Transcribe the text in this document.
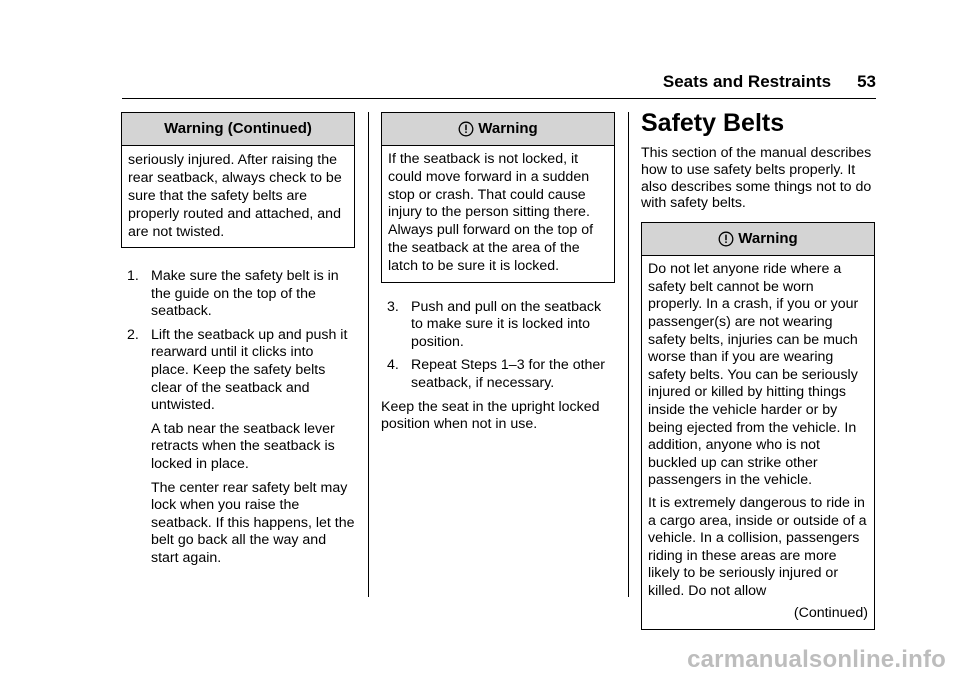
Seats and Restraints 53
Warning (Continued)

seriously injured. After raising the rear seatback, always check to be sure that the safety belts are properly routed and attached, and are not twisted.

1. Make sure the safety belt is in the guide on the top of the seatback.

2. Lift the seatback up and push it rearward until it clicks into place. Keep the safety belts clear of the seatback and untwisted.

A tab near the seatback lever retracts when the seatback is locked in place.

The center rear safety belt may lock when you raise the seatback. If this happens, let the belt go back all the way and start again.

Warning

If the seatback is not locked, it could move forward in a sudden stop or crash. That could cause injury to the person sitting there. Always pull forward on the top of the seatback at the area of the latch to be sure it is locked.

3. Push and pull on the seatback to make sure it is locked into position.

4. Repeat Steps 1–3 for the other seatback, if necessary.

Keep the seat in the upright locked position when not in use.

Safety Belts

This section of the manual describes how to use safety belts properly. It also describes some things not to do with safety belts.

Warning

Do not let anyone ride where a safety belt cannot be worn properly. In a crash, if you or your passenger(s) are not wearing safety belts, injuries can be much worse than if you are wearing safety belts. You can be seriously injured or killed by hitting things inside the vehicle harder or by being ejected from the vehicle. In addition, anyone who is not buckled up can strike other passengers in the vehicle.

It is extremely dangerous to ride in a cargo area, inside or outside of a vehicle. In a collision, passengers riding in these areas are more likely to be seriously injured or killed. Do not allow

(Continued)
carmanualsonline.info
